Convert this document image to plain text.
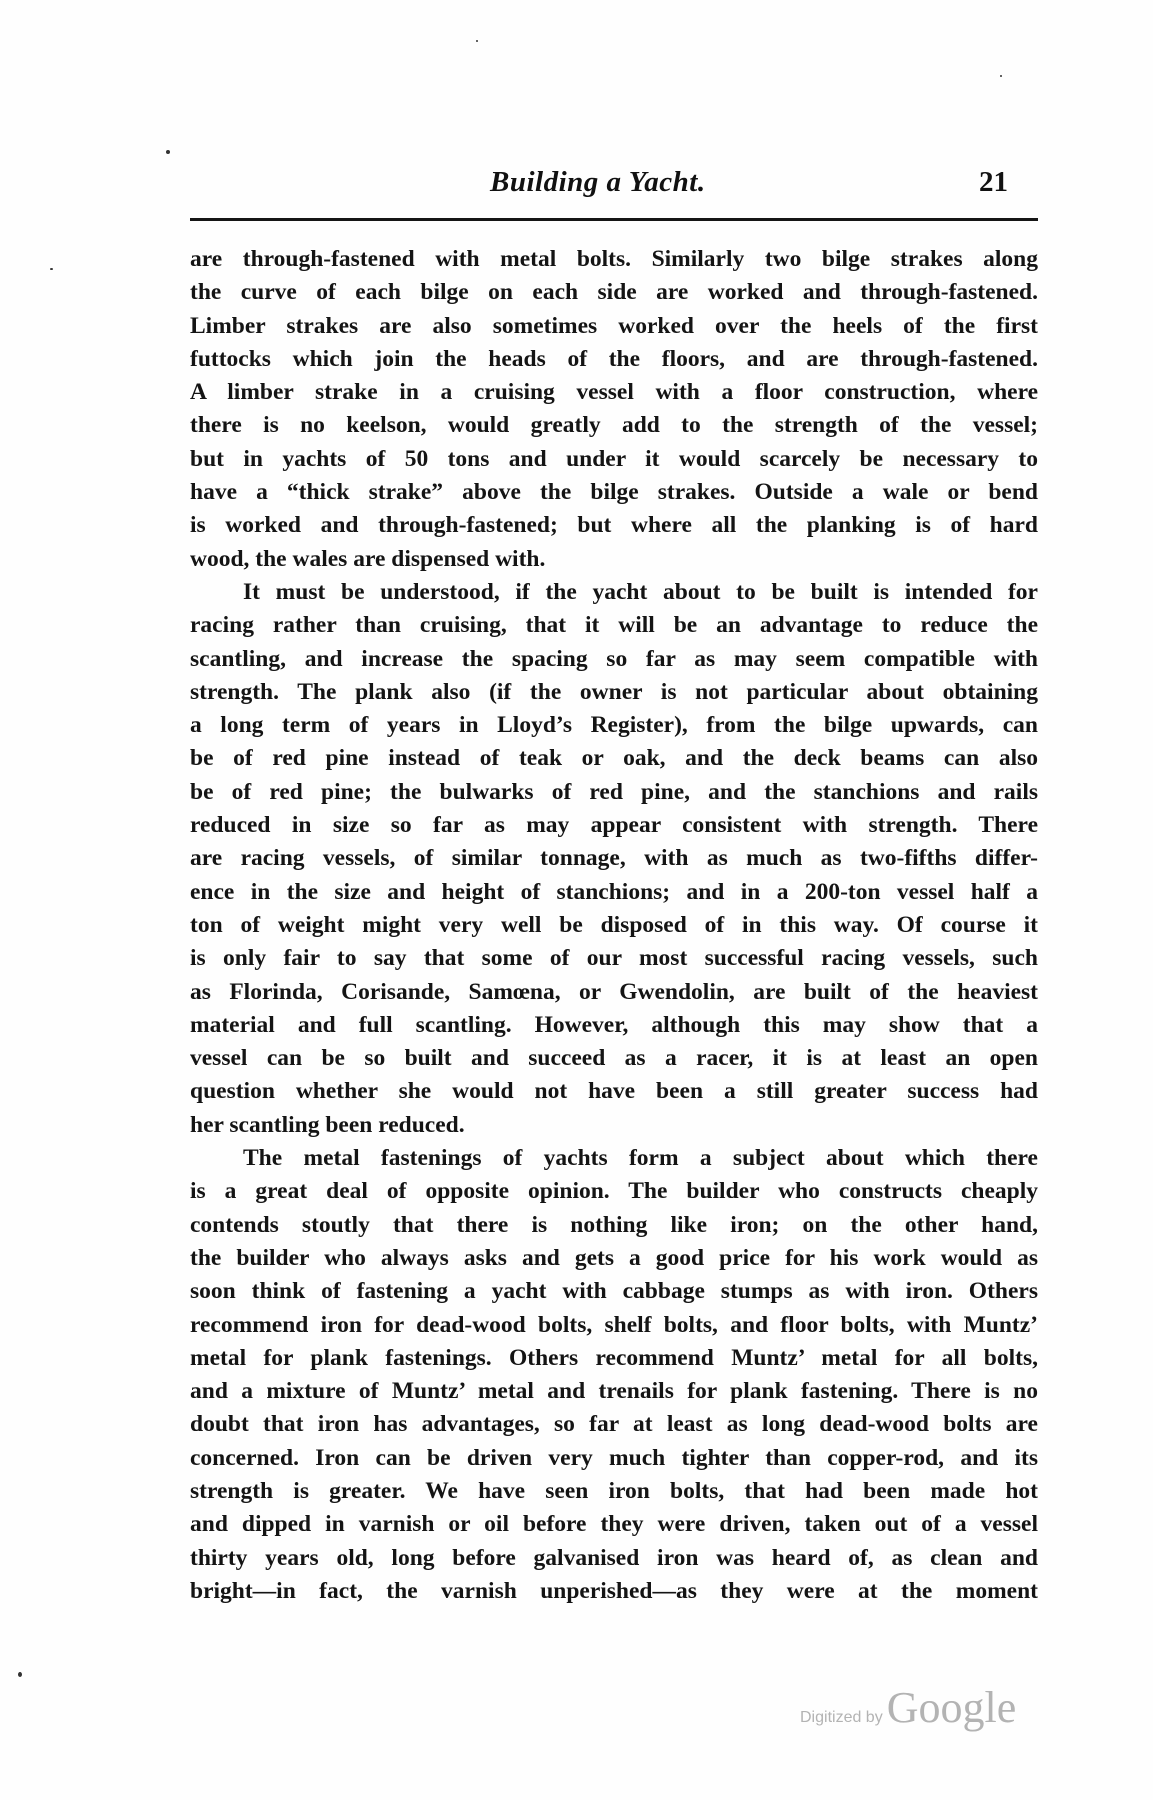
Building a Yacht.	21
are through-fastened with metal bolts. Similarly two bilge strakes along
the curve of each bilge on each side are worked and through-fastened.
Limber strakes are also sometimes worked over the heels of the first
futtocks which join the heads of the floors, and are through-fastened.
A limber strake in a cruising vessel with a floor construction, where
there is no keelson, would greatly add to the strength of the vessel;
but in yachts of 50 tons and under it would scarcely be necessary to
have a “thick strake” above the bilge strakes. Outside a wale or bend
is worked and through-fastened; but where all the planking is of hard
wood, the wales are dispensed with.
It must be understood, if the yacht about to be built is intended for
racing rather than cruising, that it will be an advantage to reduce the
scantling, and increase the spacing so far as may seem compatible with
strength. The plank also (if the owner is not particular about obtaining
a long term of years in Lloyd’s Register), from the bilge upwards, can
be of red pine instead of teak or oak, and the deck beams can also
be of red pine; the bulwarks of red pine, and the stanchions and rails
reduced in size so far as may appear consistent with strength. There
are racing vessels, of similar tonnage, with as much as two-fifths differ-
ence in the size and height of stanchions; and in a 200-ton vessel half a
ton of weight might very well be disposed of in this way. Of course it
is only fair to say that some of our most successful racing vessels, such
as Florinda, Corisande, Samœna, or Gwendolin, are built of the heaviest
material and full scantling. However, although this may show that a
vessel can be so built and succeed as a racer, it is at least an open
question whether she would not have been a still greater success had
her scantling been reduced.
The metal fastenings of yachts form a subject about which there
is a great deal of opposite opinion. The builder who constructs cheaply
contends stoutly that there is nothing like iron; on the other hand,
the builder who always asks and gets a good price for his work would as
soon think of fastening a yacht with cabbage stumps as with iron. Others
recommend iron for dead-wood bolts, shelf bolts, and floor bolts, with Muntz’
metal for plank fastenings. Others recommend Muntz’ metal for all bolts,
and a mixture of Muntz’ metal and trenails for plank fastening. There is no
doubt that iron has advantages, so far at least as long dead-wood bolts are
concerned. Iron can be driven very much tighter than copper-rod, and its
strength is greater. We have seen iron bolts, that had been made hot
and dipped in varnish or oil before they were driven, taken out of a vessel
thirty years old, long before galvanised iron was heard of, as clean and
bright—in fact, the varnish unperished—as they were at the moment
Digitized byGoogle
